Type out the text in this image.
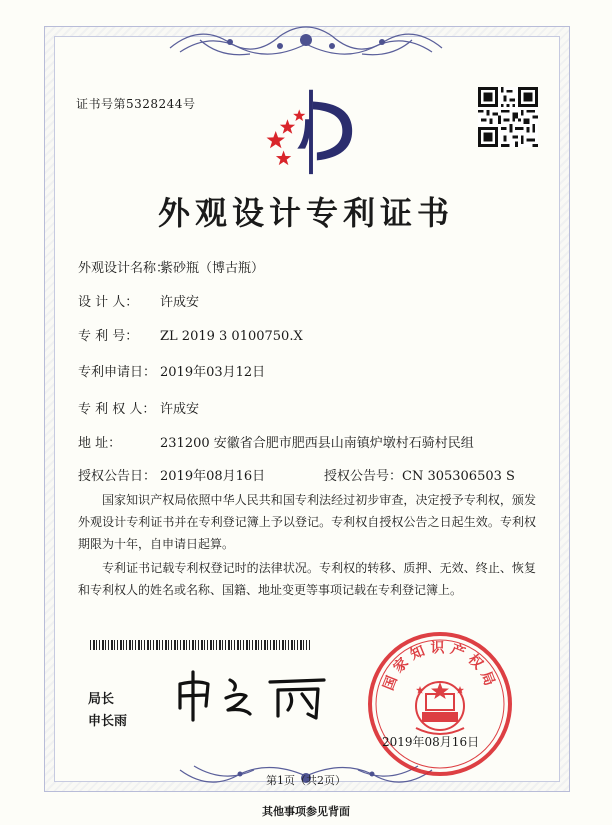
证书号第5328244号
外观设计专利证书
外观设计名称：紫砂瓶（博古瓶）
设 计 人： 许成安
专 利 号： ZL 2019 3 0100750.X
专利申请日： 2019年03月12日
专 利 权 人： 许成安
地 址：	231200 安徽省合肥市肥西县山南镇炉墩村石骑村民组
授权公告日： 2019年08月16日	授权公告号：CN 305306503 S
国家知识产权局依照中华人民共和国专利法经过初步审查，决定授予专利权，颁发外观设计专利证书并在专利登记簿上予以登记。专利权自授权公告之日起生效。专利权期限为十年，自申请日起算。
专利证书记载专利权登记时的法律状况。专利权的转移、质押、无效、终止、恢复和专利权人的姓名或名称、国籍、地址变更等事项记载在专利登记簿上。
局长
申长雨
国家知识产权局
2019年08月16日
第1页（共2页）
其他事项参见背面
